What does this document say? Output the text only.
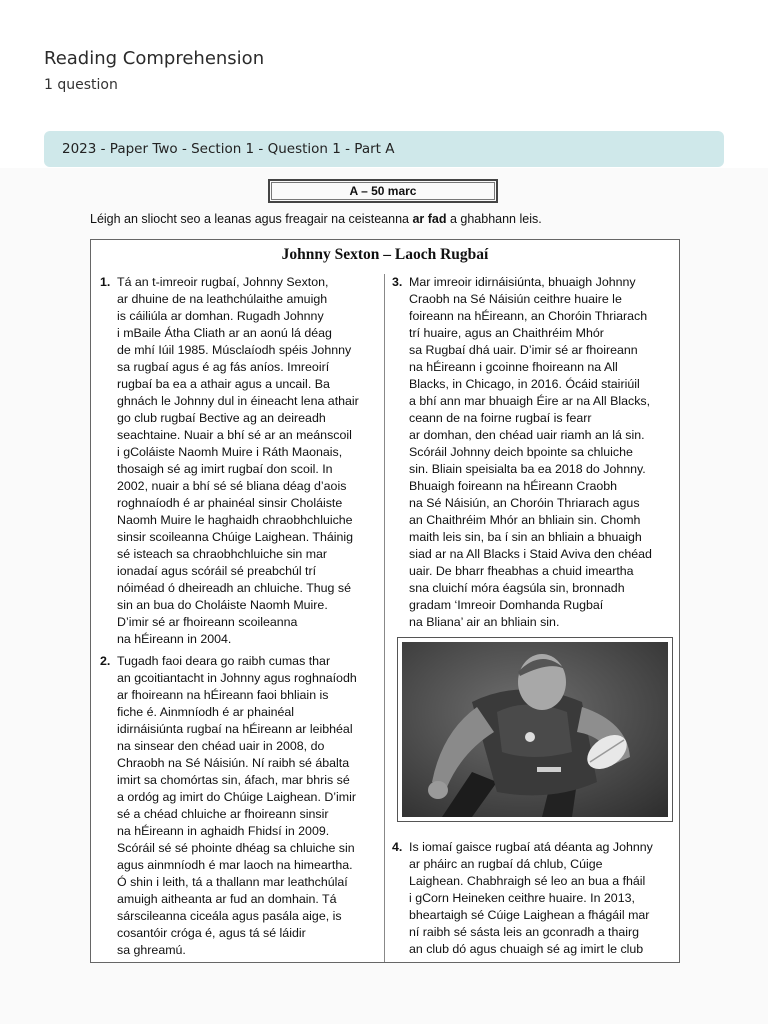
Reading Comprehension
1 question
2023 - Paper Two - Section 1 - Question 1 - Part A
A – 50 marc
Léigh an sliocht seo a leanas agus freagair na ceisteanna ar fad a ghabhann leis.
Johnny Sexton – Laoch Rugbaí
1. Tá an t-imreoir rugbaí, Johnny Sexton,
ar dhuine de na leathchúlaithe amuigh
is cáiliúla ar domhan. Rugadh Johnny
i mBaile Átha Cliath ar an aonú lá déag
de mhí Iúil 1985. Músclaíodh spéis Johnny
sa rugbaí agus é ag fás aníos. Imreoirí
rugbaí ba ea a athair agus a uncail. Ba
ghnách le Johnny dul in éineacht lena athair
go club rugbaí Bective ag an deireadh
seachtaine. Nuair a bhí sé ar an meánscoil
i gColáiste Naomh Muire i Ráth Maonais,
thosaigh sé ag imirt rugbaí don scoil. In
2002, nuair a bhí sé sé bliana déag d’aois
roghnaíodh é ar phainéal sinsir Choláiste
Naomh Muire le haghaidh chraobhchluiche
sinsir scoileanna Chúige Laighean. Tháinig
sé isteach sa chraobhchluiche sin mar
ionadaí agus scóráil sé preabchúl trí
nóiméad ó dheireadh an chluiche. Thug sé
sin an bua do Choláiste Naomh Muire.
D’imir sé ar fhoireann scoileanna
na hÉireann in 2004.
2. Tugadh faoi deara go raibh cumas thar
an gcoitiantacht in Johnny agus roghnaíodh
ar fhoireann na hÉireann faoi bhliain is
fiche é. Ainmníodh é ar phainéal
idirnáisiúnta rugbaí na hÉireann ar leibhéal
na sinsear den chéad uair in 2008, do
Chraobh na Sé Náisiún. Ní raibh sé ábalta
imirt sa chomórtas sin, áfach, mar bhris sé
a ordóg ag imirt do Chúige Laighean. D’imir
sé a chéad chluiche ar fhoireann sinsir
na hÉireann in aghaidh Fhidsí in 2009.
Scóráil sé sé phointe dhéag sa chluiche sin
agus ainmníodh é mar laoch na himeartha.
Ó shin i leith, tá a thallann mar leathchúlaí
amuigh aitheanta ar fud an domhain. Tá
sárscileanna ciceála agus pasála aige, is
cosantóir cróga é, agus tá sé láidir
sa ghreamú.
3. Mar imreoir idirnáisiúnta, bhuaigh Johnny
Craobh na Sé Náisiún ceithre huaire le
foireann na hÉireann, an Choróin Thriarach
trí huaire, agus an Chaithréim Mhór
sa Rugbaí dhá uair. D’imir sé ar fhoireann
na hÉireann i gcoinne fhoireann na All
Blacks, in Chicago, in 2016. Ócáid stairiúil
a bhí ann mar bhuaigh Éire ar na All Blacks,
ceann de na foirne rugbaí is fearr
ar domhan, den chéad uair riamh an lá sin.
Scóráil Johnny deich bpointe sa chluiche
sin. Bliain speisialta ba ea 2018 do Johnny.
Bhuaigh foireann na hÉireann Craobh
na Sé Náisiún, an Choróin Thriarach agus
an Chaithréim Mhór an bhliain sin. Chomh
maith leis sin, ba í sin an bhliain a bhuaigh
siad ar na All Blacks i Staid Aviva den chéad
uair. De bharr fheabhas a chuid imeartha
sna cluichí móra éagsúla sin, bronnadh
gradam ‘Imreoir Domhanda Rugbaí
na Bliana’ air an bhliain sin.
4. Is iomaí gaisce rugbaí atá déanta ag Johnny
ar pháirc an rugbaí dá chlub, Cúige
Laighean. Chabhraigh sé leo an bua a fháil
i gCorn Heineken ceithre huaire. In 2013,
bheartaigh sé Cúige Laighean a fhágáil mar
ní raibh sé sásta leis an gconradh a thairg
an club dó agus chuaigh sé ag imirt le club
